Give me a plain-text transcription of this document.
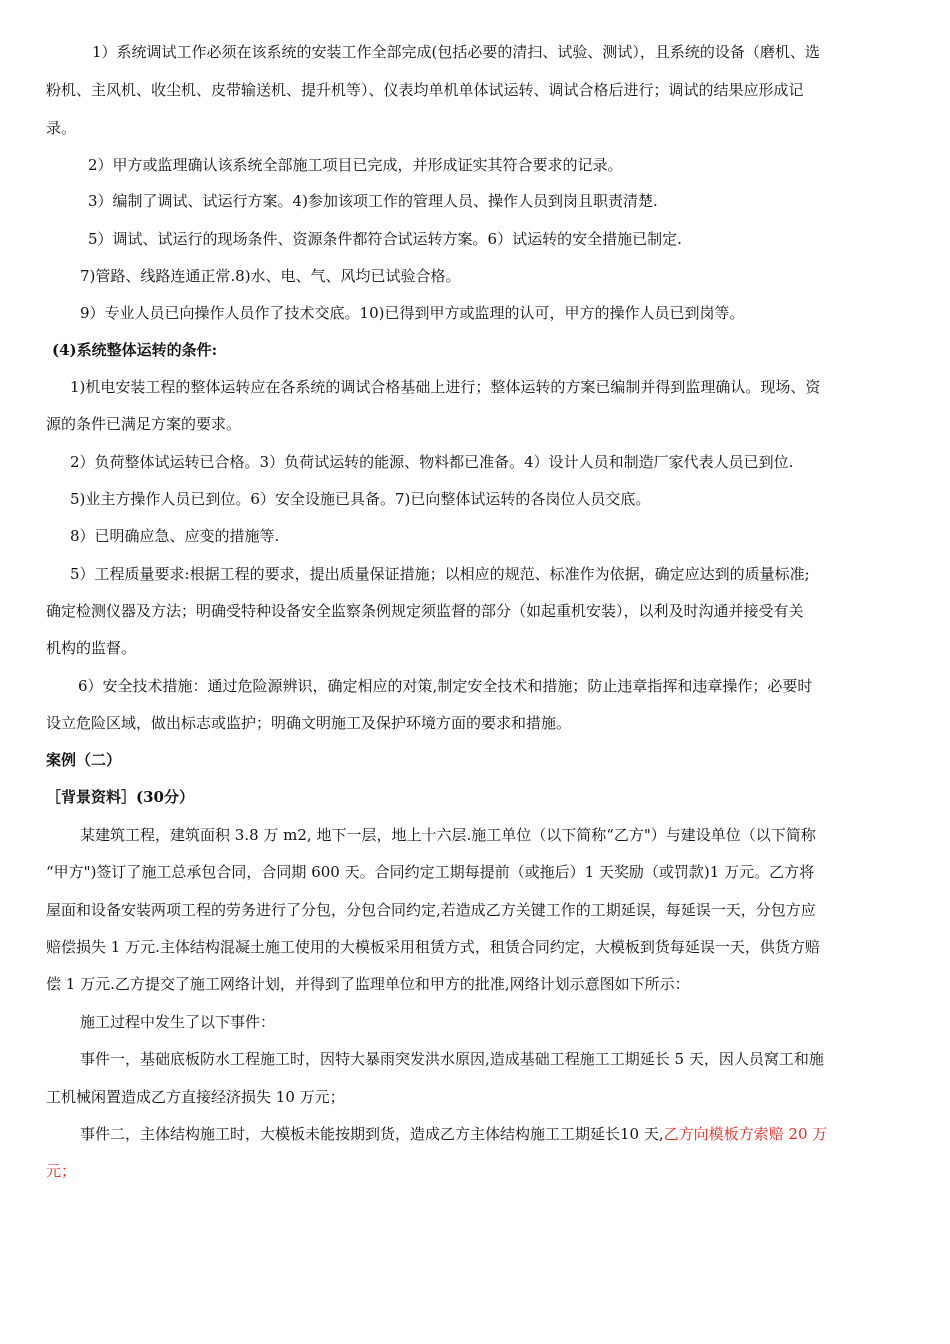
1）系统调试工作必须在该系统的安装工作全部完成(包括必要的清扫、试验、测试），且系统的设备（磨机、选
粉机、主风机、收尘机、皮带输送机、提升机等）、仪表均单机单体试运转、调试合格后进行；调试的结果应形成记
录。
2）甲方或监理确认该系统全部施工项目已完成，并形成证实其符合要求的记录。
3）编制了调试、试运行方案。4)参加该项工作的管理人员、操作人员到岗且职责清楚.
5）调试、试运行的现场条件、资源条件都符合试运转方案。6）试运转的安全措施已制定.
7)管路、线路连通正常.8)水、电、气、风均已试验合格。
9）专业人员已向操作人员作了技术交底。10)已得到甲方或监理的认可，甲方的操作人员已到岗等。
(4)系统整体运转的条件:
1)机电安装工程的整体运转应在各系统的调试合格基础上进行；整体运转的方案已编制并得到监理确认。现场、资
源的条件已满足方案的要求。
2）负荷整体试运转已合格。3）负荷试运转的能源、物料都已准备。4）设计人员和制造厂家代表人员已到位.
5)业主方操作人员已到位。6）安全设施已具备。7)已向整体试运转的各岗位人员交底。
8）已明确应急、应变的措施等.
5）工程质量要求:根据工程的要求，提出质量保证措施；以相应的规范、标准作为依据，确定应达到的质量标准;
确定检测仪器及方法；明确受特种设备安全监察条例规定须监督的部分（如起重机安装），以利及时沟通并接受有关
机构的监督。
6）安全技术措施：通过危险源辨识，确定相应的对策,制定安全技术和措施；防止违章指挥和违章操作；必要时
设立危险区域，做出标志或监护；明确文明施工及保护环境方面的要求和措施。
案例（二）
［背景资料］(30分）
某建筑工程，建筑面积 3.8 万 m2, 地下一层，地上十六层.施工单位（以下简称“乙方"）与建设单位（以下简称
“甲方")签订了施工总承包合同，合同期 600 天。合同约定工期每提前（或拖后）1 天奖励（或罚款)1 万元。乙方将
屋面和设备安装两项工程的劳务进行了分包，分包合同约定,若造成乙方关键工作的工期延误，每延误一天，分包方应
赔偿损失 1 万元.主体结构混凝土施工使用的大模板采用租赁方式，租赁合同约定，大模板到货每延误一天，供货方赔
偿 1 万元.乙方提交了施工网络计划，并得到了监理单位和甲方的批准,网络计划示意图如下所示：
施工过程中发生了以下事件：
事件一，基础底板防水工程施工时，因特大暴雨突发洪水原因,造成基础工程施工工期延长 5 天，因人员窝工和施
工机械闲置造成乙方直接经济损失 10 万元；
事件二，主体结构施工时，大模板未能按期到货，造成乙方主体结构施工工期延长10 天,乙方向模板方索赔 20 万
元；
